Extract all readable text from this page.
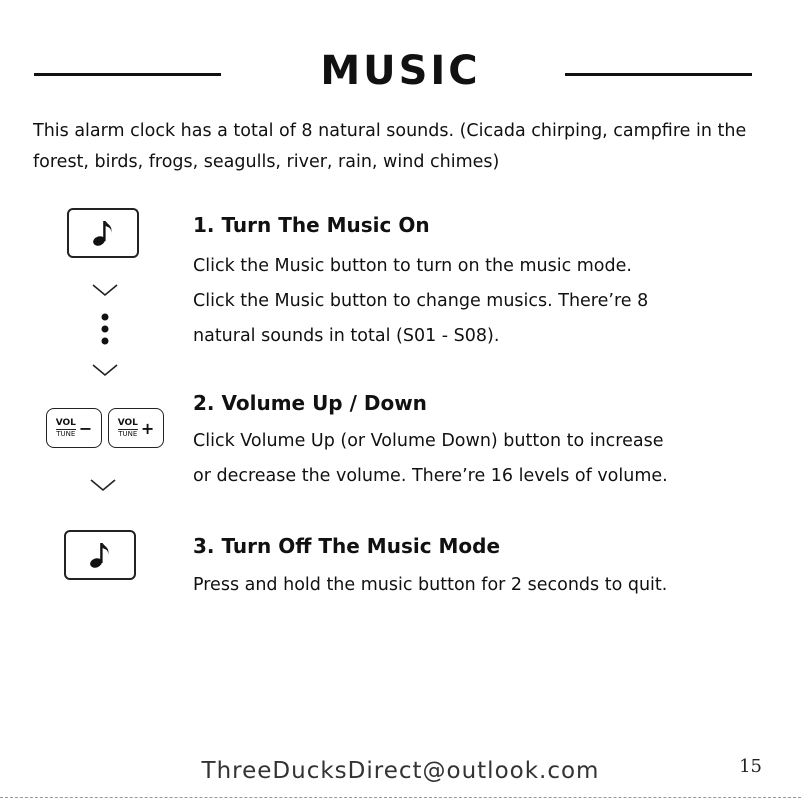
MUSIC
This alarm clock has a total of 8 natural sounds. (Cicada chirping, campfire in the forest, birds, frogs, seagulls, river, rain, wind chimes)
VOL
TUNE −	VOL
TUNE +
1. Turn The Music On

Click the Music button to turn on the music mode.

Click the Music button to change musics. There’re 8

natural sounds in total (S01 - S08).

2. Volume Up / Down

Click Volume Up (or Volume Down) button to increase

or decrease the volume. There’re 16 levels of volume.

3. Turn Off The Music Mode

Press and hold the music button for 2 seconds to quit.

ThreeDucksDirect@outlook.com	15
